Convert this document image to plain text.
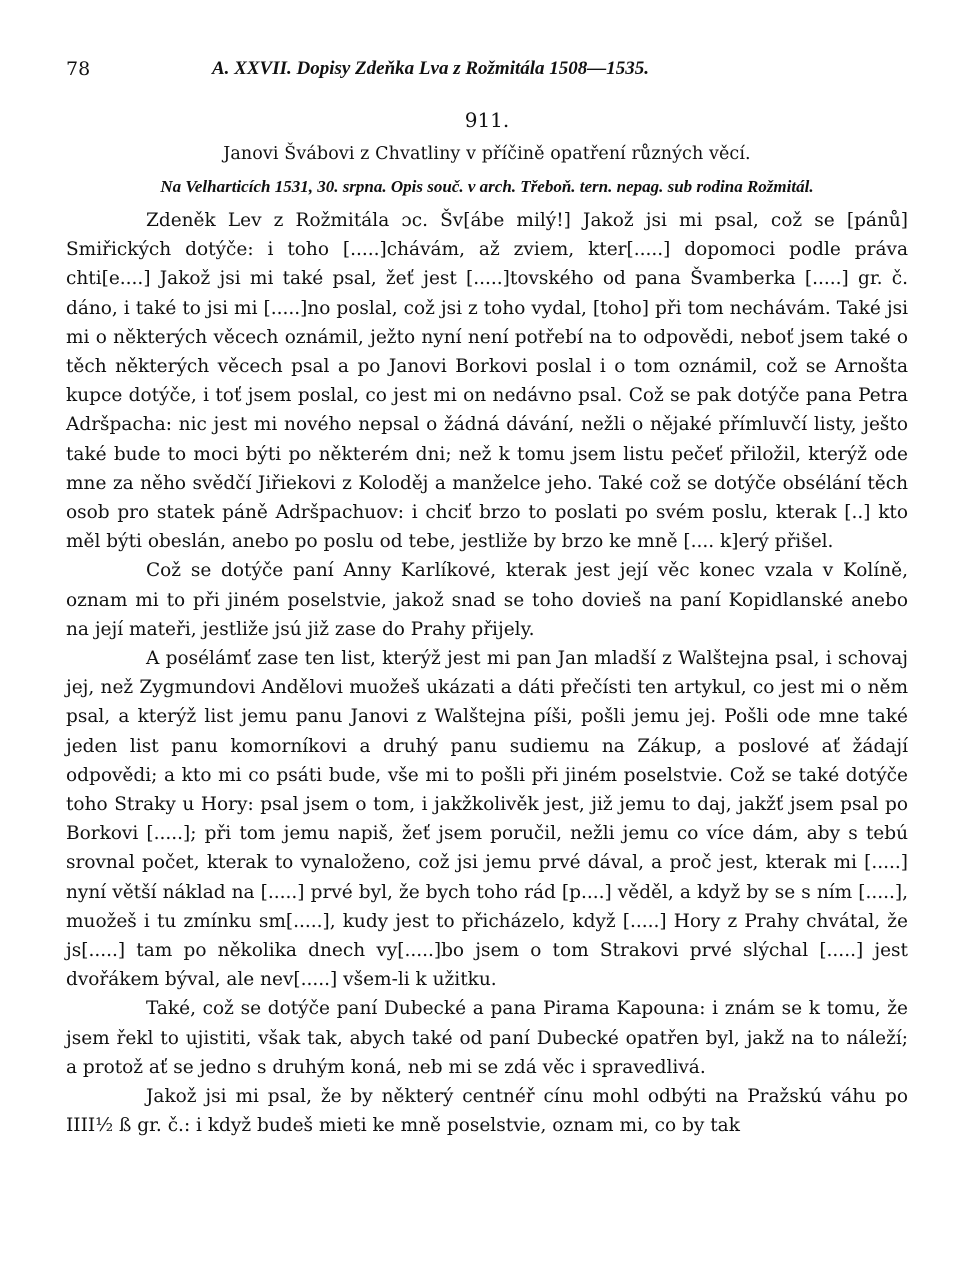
78	A. XXVII. Dopisy Zdeňka Lva z Rožmitála 1508—1535.
911.
Janovi Švábovi z Chvatliny v příčině opatření různých věcí.
Na Velharticích 1531, 30. srpna. Opis souč. v arch. Třeboň. tern. nepag. sub rodina Rožmitál.

Zdeněk Lev z Rožmitála ɔc. Šv[ábe milý!] Jakož jsi mi psal, což se [pánů] Smiřických dotýče: i toho [.....]chávám, až zviem, kter[.....] dopomoci podle práva chti[e....] Jakož jsi mi také psal, žeť jest [.....]tovského od pana Švamberka [.....] gr. č. dáno, i také to jsi mi [.....]no poslal, což jsi z toho vydal, [toho] při tom nechávám. Také jsi mi o některých věcech oznámil, ježto nyní není potřebí na to odpovědi, neboť jsem také o těch některých věcech psal a po Janovi Borkovi poslal i o tom oznámil, což se Arnošta kupce dotýče, i toť jsem poslal, co jest mi on nedávno psal. Což se pak dotýče pana Petra Adršpacha: nic jest mi nového nepsal o žádná dávání, nežli o nějaké přímluvčí listy, ješto také bude to moci býti po některém dni; než k tomu jsem listu pečeť přiložil, kterýž ode mne za něho svědčí Jiřiekovi z Koloděj a manželce jeho. Také což se dotýče obsélání těch osob pro statek páně Adršpachuov: i chciť brzo to poslati po svém poslu, kterak [..] kto měl býti obeslán, anebo po poslu od tebe, jestliže by brzo ke mně [.... k]erý přišel.

Což se dotýče paní Anny Karlíkové, kterak jest její věc konec vzala v Kolíně, oznam mi to při jiném poselstvie, jakož snad se toho dovieš na paní Kopidlanské anebo na její mateři, jestliže jsú již zase do Prahy přijely.

A posélámť zase ten list, kterýž jest mi pan Jan mladší z Walštejna psal, i schovaj jej, než Zygmundovi Andělovi muožeš ukázati a dáti přečísti ten artykul, co jest mi o něm psal, a kterýž list jemu panu Janovi z Walštejna píši, pošli jemu jej. Pošli ode mne také jeden list panu komorníkovi a druhý panu sudiemu na Zákup, a poslové ať žádají odpovědi; a kto mi co psáti bude, vše mi to pošli při jiném poselstvie. Což se také dotýče toho Straky u Hory: psal jsem o tom, i jakžkolivěk jest, již jemu to daj, jakžť jsem psal po Borkovi [.....]; při tom jemu napiš, žeť jsem poručil, nežli jemu co více dám, aby s tebú srovnal počet, kterak to vynaloženo, což jsi jemu prvé dával, a proč jest, kterak mi [.....] nyní větší náklad na [.....] prvé byl, že bych toho rád [p....] věděl, a když by se s ním [.....], muožeš i tu zmínku sm[.....], kudy jest to přicházelo, když [.....] Hory z Prahy chvátal, že js[.....] tam po několika dnech vy[.....]bo jsem o tom Strakovi prvé slýchal [.....] jest dvořákem býval, ale nev[.....] všem-li k užitku.

Také, což se dotýče paní Dubecké a pana Pirama Kapouna: i znám se k tomu, že jsem řekl to ujistiti, však tak, abych také od paní Dubecké opatřen byl, jakž na to náleží; a protož ať se jedno s druhým koná, neb mi se zdá věc i spravedlivá.

Jakož jsi mi psal, že by některý centnéř cínu mohl odbýti na Pražskú váhu po IIII½ ß gr. č.: i když budeš mieti ke mně poselstvie, oznam mi, co by tak
